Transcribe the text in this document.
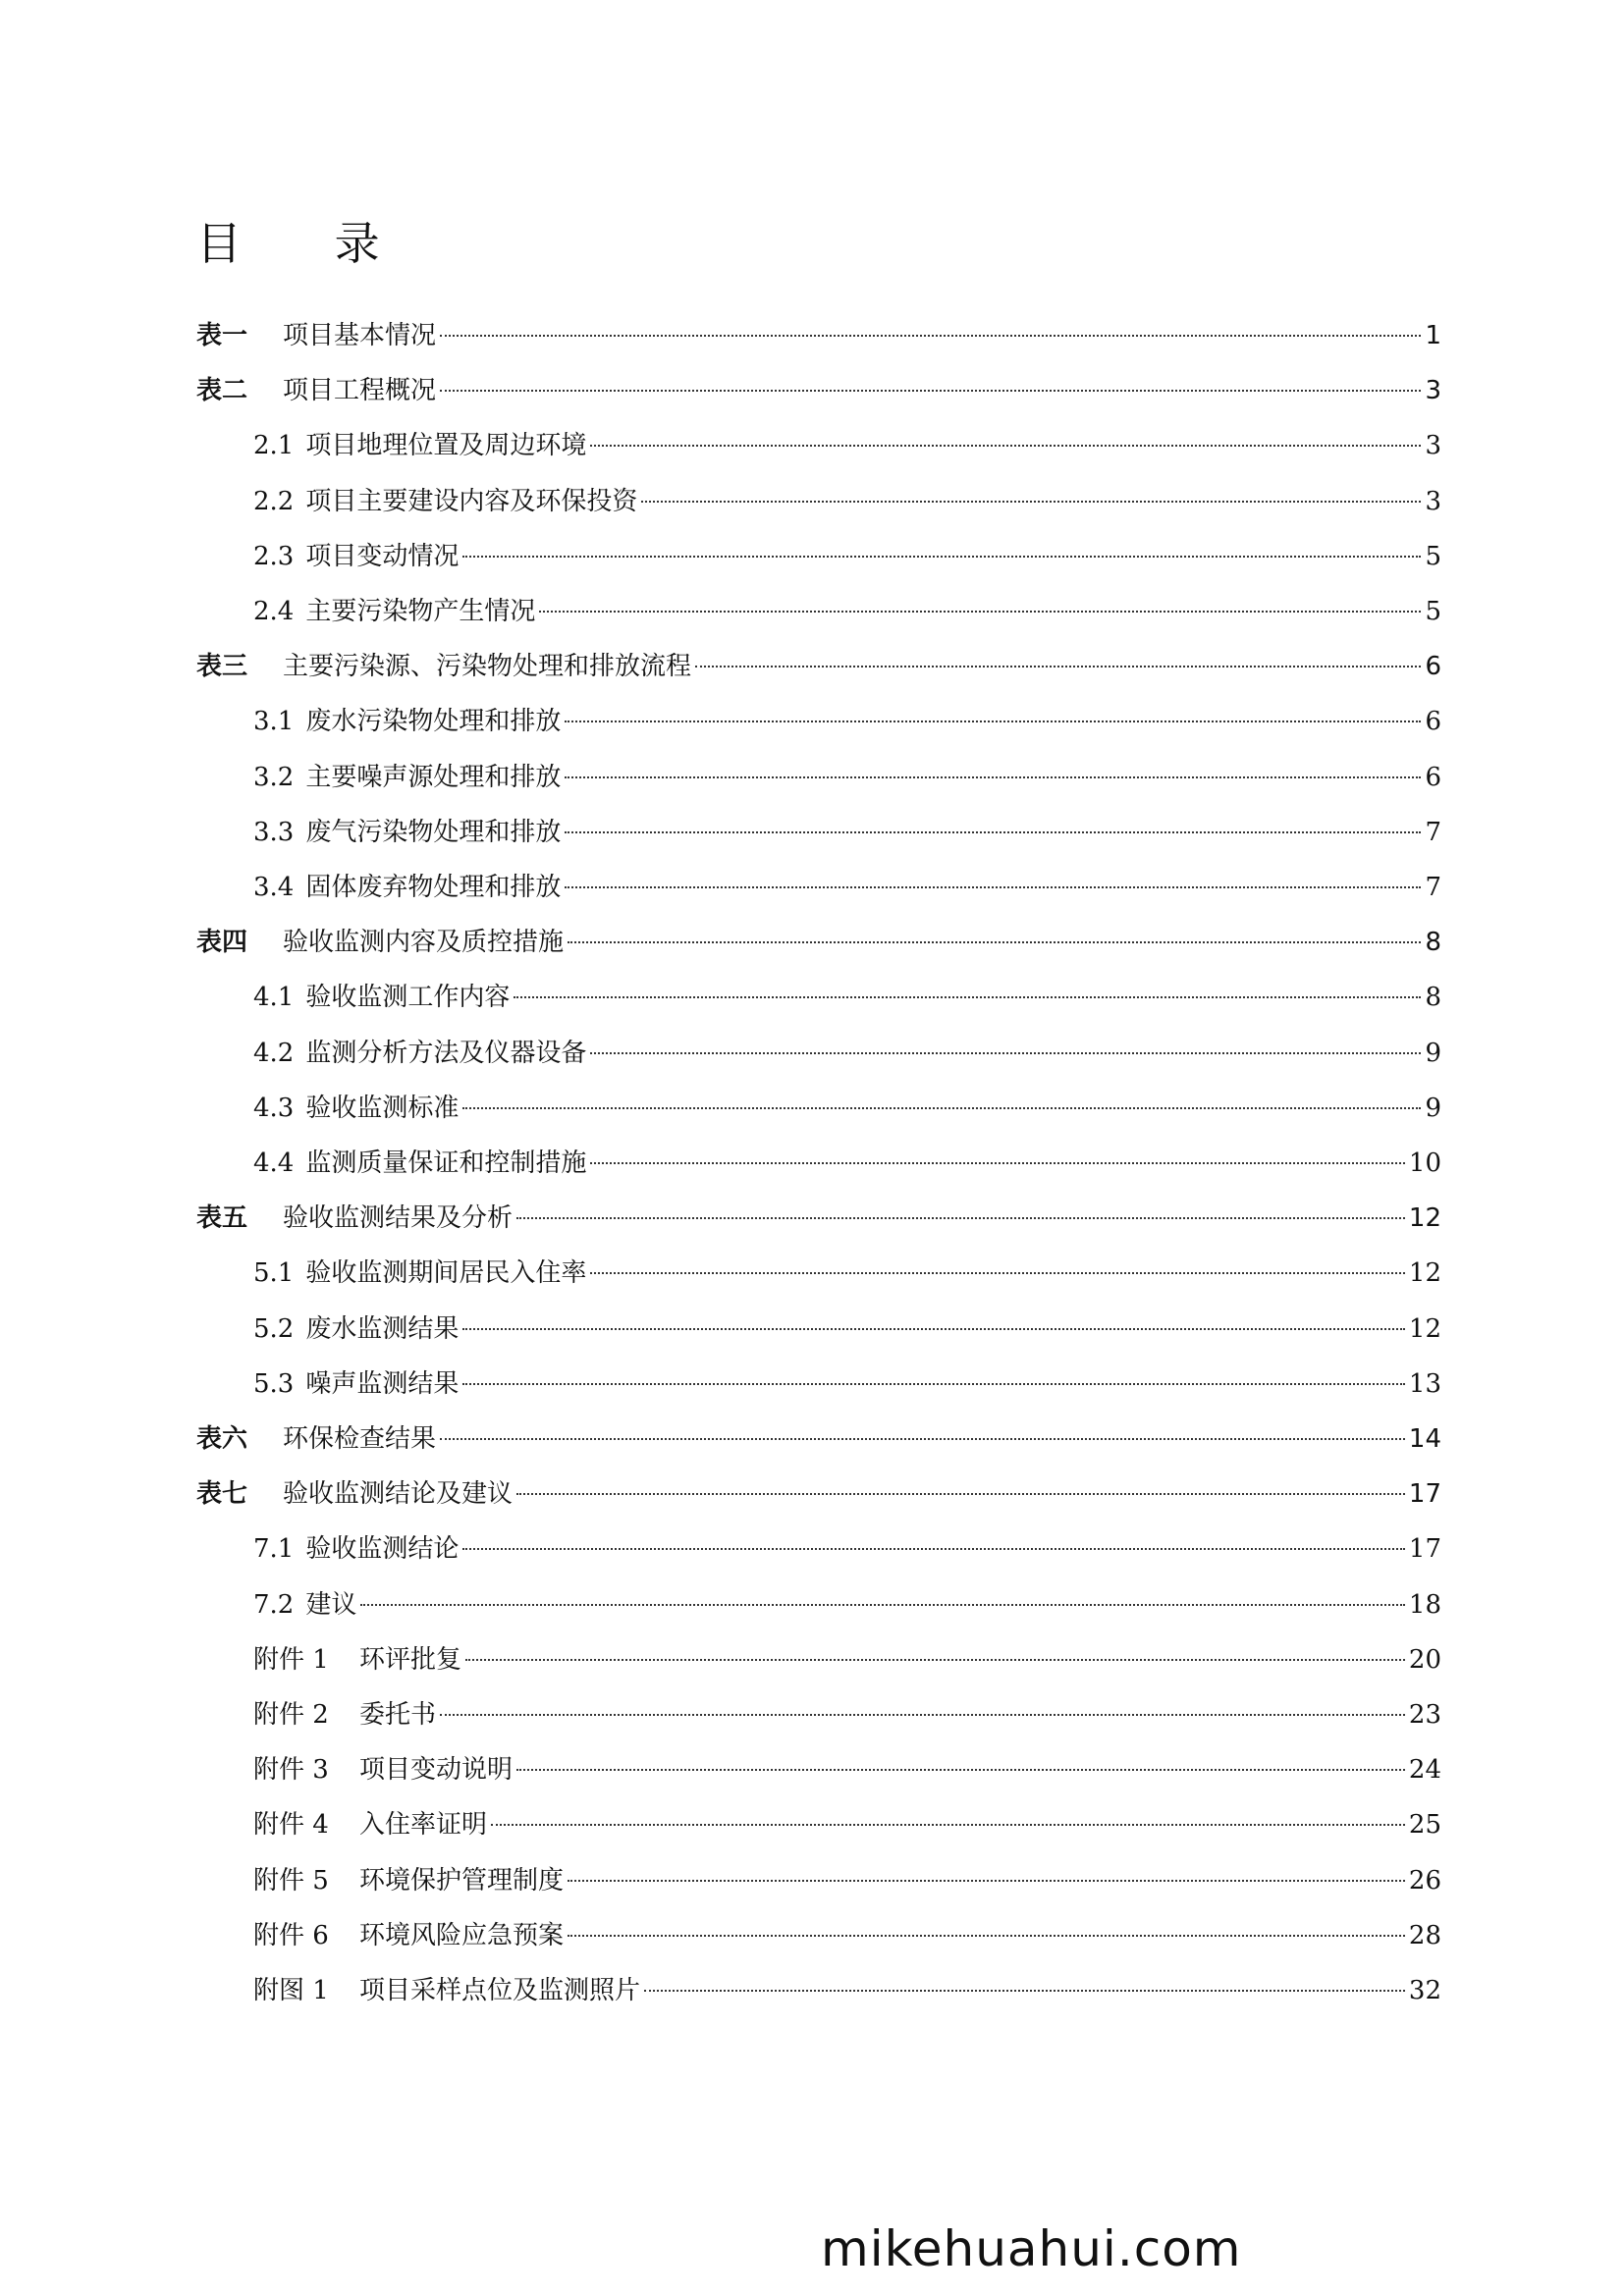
目 录
表一	项目基本情况	1
表二	项目工程概况	3
2.1 项目地理位置及周边环境	3
2.2 项目主要建设内容及环保投资	3
2.3 项目变动情况	5
2.4 主要污染物产生情况	5
表三	主要污染源、污染物处理和排放流程	6
3.1 废水污染物处理和排放	6
3.2 主要噪声源处理和排放	6
3.3 废气污染物处理和排放	7
3.4 固体废弃物处理和排放	7
表四	验收监测内容及质控措施	8
4.1 验收监测工作内容	8
4.2 监测分析方法及仪器设备	9
4.3 验收监测标准	9
4.4 监测质量保证和控制措施	10
表五	验收监测结果及分析	12
5.1 验收监测期间居民入住率	12
5.2 废水监测结果	12
5.3 噪声监测结果	13
表六	环保检查结果	14
表七	验收监测结论及建议	17
7.1 验收监测结论	17
7.2 建议	18
附件 1	环评批复	20
附件 2	委托书	23
附件 3	项目变动说明	24
附件 4	入住率证明	25
附件 5	环境保护管理制度	26
附件 6	环境风险应急预案	28
附图 1	项目采样点位及监测照片	32
mikehuahui.com
